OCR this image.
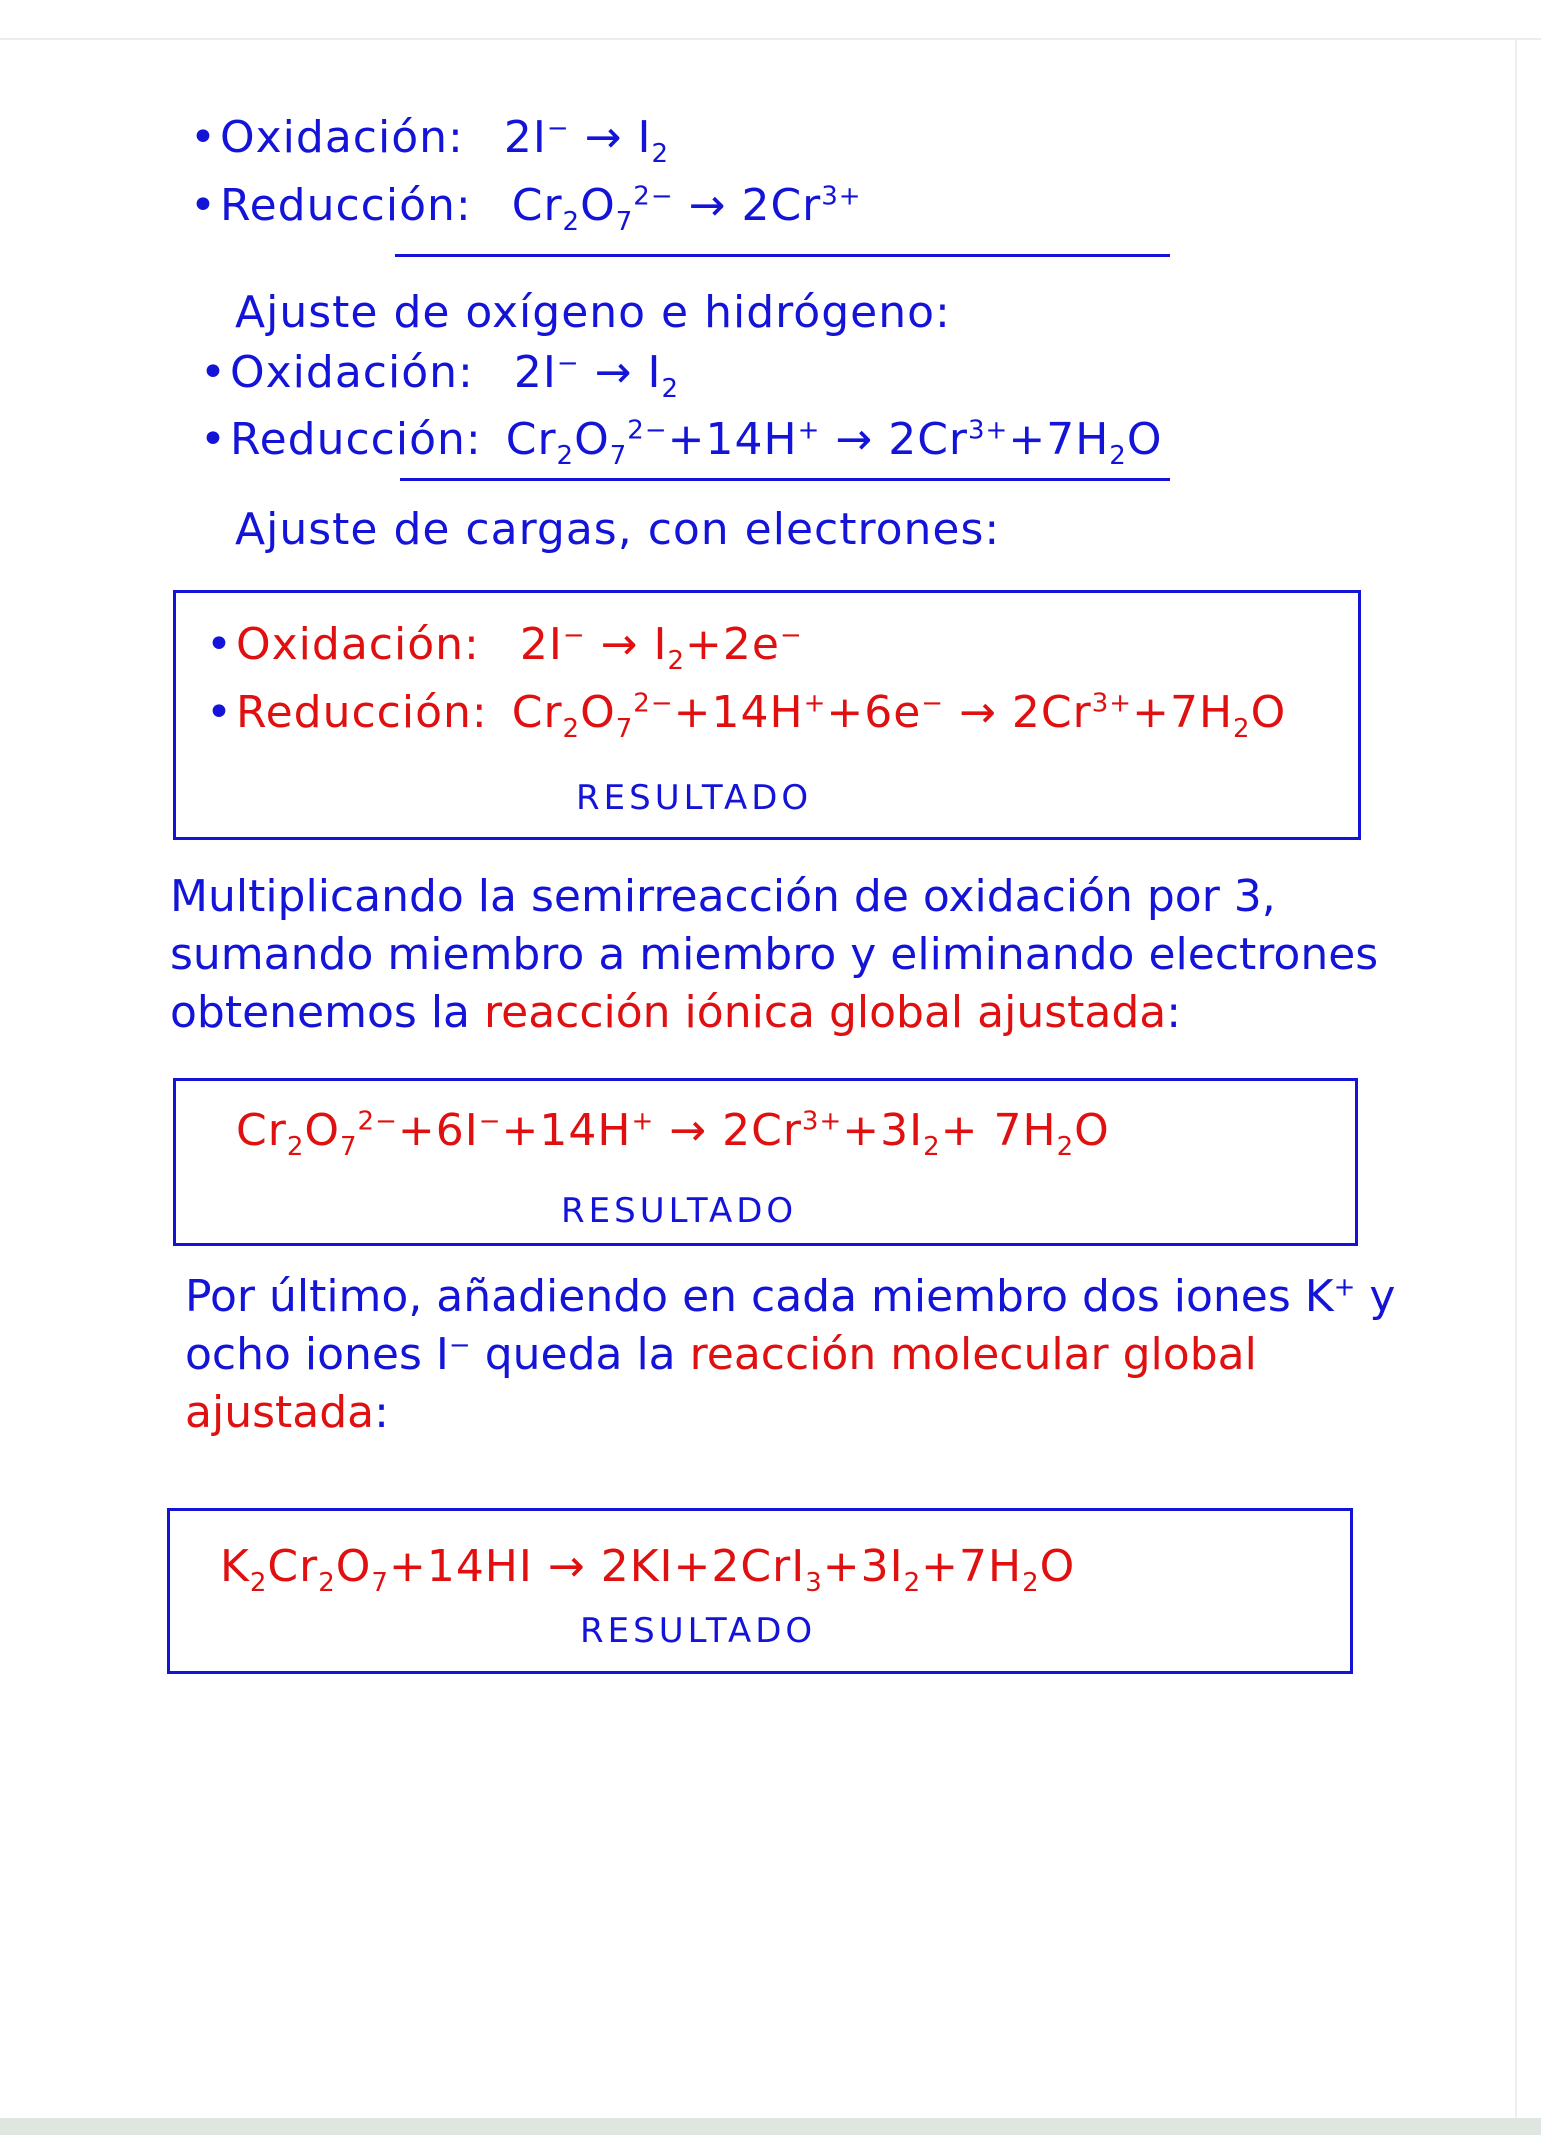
•Oxidación: $2I^- \to I_2$
•Reducción: $Cr_2O_7^{2-} \to 2Cr^{3+}$
Ajuste de oxígeno e hidrógeno:
•Oxidación: $2I^- \to I_2$
•Reducción: $Cr_2O_7^{2-}+14H^+ \to 2Cr^{3+}+7H_2O$
Ajuste de cargas, con electrones:
•Oxidación: $2I^- \to I_2+2e^-$
•Reducción: $Cr_2O_7^{2-}+14H^++6e^- \to 2Cr^{3+}+7H_2O$
RESULTADO
Multiplicando la semirreacción de oxidación por 3, sumando miembro a miembro y eliminando electrones obtenemos la reacción iónica global ajustada:
$Cr_2O_7^{2-}+6I^-+14H^+ \to 2Cr^{3+}+3I_2+ 7H_2O$
RESULTADO
Por último, añadiendo en cada miembro dos iones K+ y ocho iones I− queda la reacción molecular global ajustada:
$K_2Cr_2O_7+14HI \to 2KI+2CrI_3+3I_2+7H_2O$
RESULTADO
